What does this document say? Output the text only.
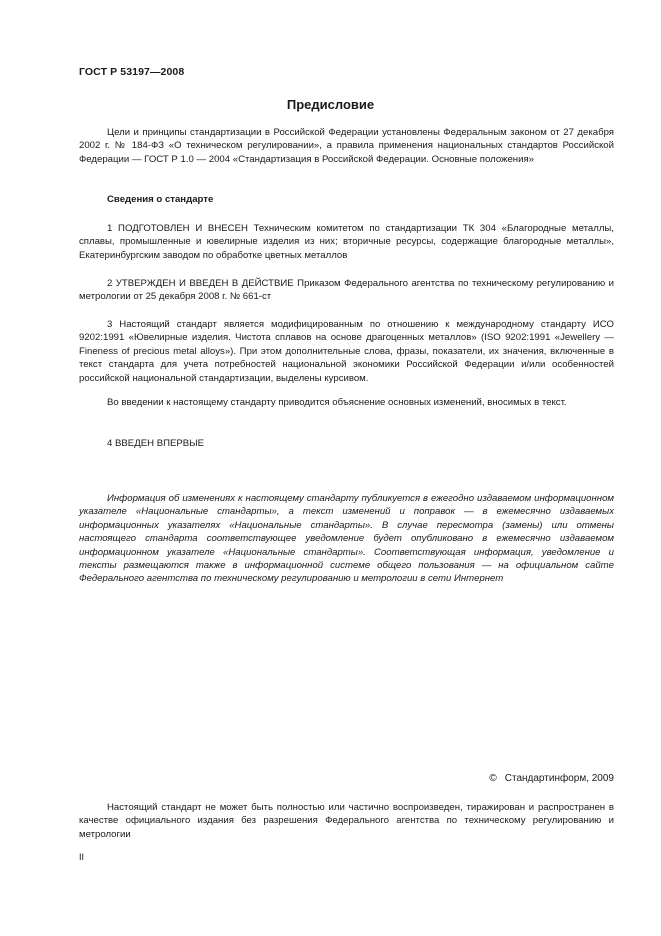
ГОСТ Р 53197—2008
Предисловие

Цели и принципы стандартизации в Российской Федерации установлены Федеральным законом от 27 декабря 2002 г. № 184-ФЗ «О техническом регулировании», а правила применения национальных стандартов Российской Федерации — ГОСТ Р 1.0 — 2004 «Стандартизация в Российской Федерации. Основные положения»

Сведения о стандарте

1 ПОДГОТОВЛЕН И ВНЕСЕН Техническим комитетом по стандартизации ТК 304 «Благородные металлы, сплавы, промышленные и ювелирные изделия из них; вторичные ресурсы, содержащие благородные металлы», Екатеринбургским заводом по обработке цветных металлов

2 УТВЕРЖДЕН И ВВЕДЕН В ДЕЙСТВИЕ Приказом Федерального агентства по техническому регулированию и метрологии от 25 декабря 2008 г. № 661-ст

3 Настоящий стандарт является модифицированным по отношению к международному стандарту ИСО 9202:1991 «Ювелирные изделия. Чистота сплавов на основе драгоценных металлов» (ISO 9202:1991 «Jewellery — Fineness of precious metal alloys»). При этом дополнительные слова, фразы, показатели, их значения, включенные в текст стандарта для учета потребностей национальной экономики Российской Федерации и/или особенностей российской национальной стандартизации, выделены курсивом.

Во введении к настоящему стандарту приводится объяснение основных изменений, вносимых в текст.

4 ВВЕДЕН ВПЕРВЫЕ

Информация об изменениях к настоящему стандарту публикуется в ежегодно издаваемом информационном указателе «Национальные стандарты», а текст изменений и поправок — в ежемесячно издаваемых информационных указателях «Национальные стандарты». В случае пересмотра (замены) или отмены настоящего стандарта соответствующее уведомление будет опубликовано в ежемесячно издаваемом информационном указателе «Национальные стандарты». Соответствующая информация, уведомление и тексты размещаются также в информационной системе общего пользования — на официальном сайте Федерального агентства по техническому регулированию и метрологии в сети Интернет

© Стандартинформ, 2009

Настоящий стандарт не может быть полностью или частично воспроизведен, тиражирован и распространен в качестве официального издания без разрешения Федерального агентства по техническому регулированию и метрологии

II
